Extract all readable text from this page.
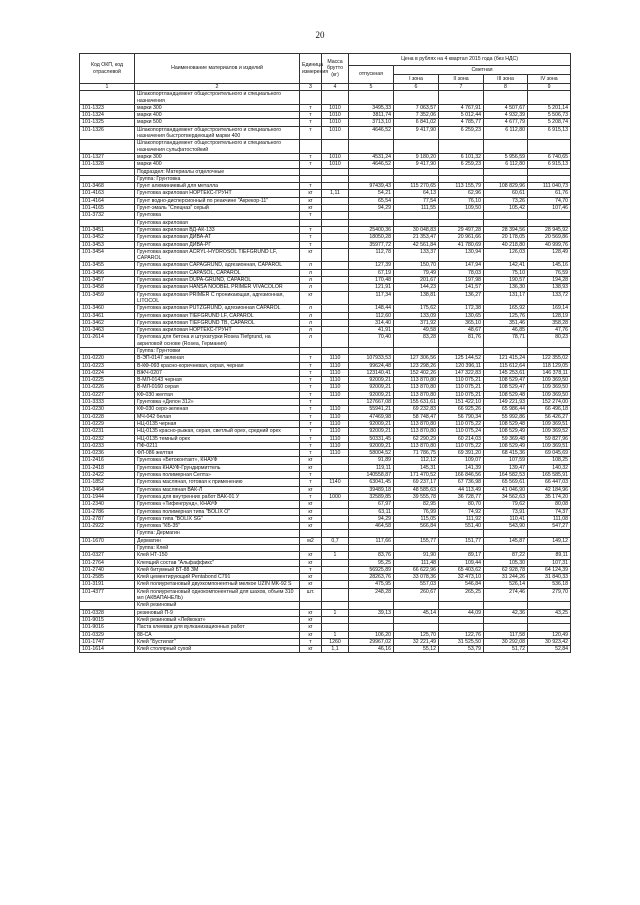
20
Код ОКП, код отраслевой	Наименование материалов и изделий	Единица измерения	Масса брутто (кг)	Цена в рублях на 4 квартал 2015 года (без НДС)				
				отпускная	Сметная			
					I зона	II зона	III зона	IV зона
1	2	3	4	5	6	7	8	9
	Шлакопортландцемент общестроительного и специального назначения							
101-1323	марки 300	т	1010	3495,33	7 063,57	4 767,91	4 507,67	5 201,14
101-1324	марки 400	т	1010	3811,74	7 352,06	5 012,44	4 932,39	5 506,73
101-1325	марки 500	т	1010	3713,10	6 841,02	4 785,77	4 677,79	5 208,74
101-1326	Шлакопортландцемент общестроительного и специального назначения быстротвердеющий марки 400	т	1010	4646,52	9 417,90	6 259,23	6 112,80	6 915,13
	Шлакопортландцемент общестроительного и специального назначения сульфатостойкий							
101-1327	марки 300	т	1010	4531,24	9 180,20	6 101,32	5 956,59	6 740,65
101-1328	марки 400	т	1010	4646,52	9 417,90	6 259,23	6 112,80	6 915,13
	Подраздел: Материалы отделочные							
	Группа: Грунтовка							
101-3468	Грунт алюминиевый для металла	т		97439,43	115 270,65	113 155,79	108 829,96	111 040,73
101-4163	Грунтовка акриловая НОРТЕКС-ГРУНТ	кг	1,11	54,21	64,13	62,96	60,61	61,76
101-4164	Грунт водно-дисперсионный по реакчине "Акрекор-11"	кг		65,54	77,54	76,10	73,26	74,70
101-4165	Грунт-эмаль "Спецназ" серый	кг		94,29	111,55	109,50	105,42	107,46
101-3732	Грунтовка	т						
	Грунтовка акриловая							
101-3451	Грунтовка акриловая ВД-АК-133	т		25400,36	30 048,83	29 497,28	28 394,56	28 945,92
101-3452	Грунтовка акриловая ДИВА-АТ	т		18050,28	21 353,47	20 961,66	20 178,05	20 569,86
101-3453	Грунтовка акриловая ДИВА-РГ	т		35977,72	42 561,84	41 780,69	40 218,80	40 999,76
101-3454	Грунтовка акриловая ACRYL-HYDROSOL TIEFGRUND LF, CAPAROL	кг		112,78	133,37	130,94	126,03	128,49
101-3455	Грунтовка акриловая CAPAGRUND, адгезионная, CAPAROL	л		127,39	150,70	147,94	142,41	145,16
101-3456	Грунтовка акриловая CAPASOL, CAPAROL	л		67,19	79,49	78,03	75,10	76,59
101-3457	Грунтовка акриловая DUPA-GRUND, CAPAROL	л		170,48	201,67	197,98	190,57	194,28
101-3458	Грунтовка акриловая HANSA NOOBEL PRIMER VIVACOLOR	л		121,91	144,23	141,57	136,30	138,93
101-3459	Грунтовка акриловая PRIMER С проникающая, адгезионная, LITOCOL	кг		117,34	138,81	136,27	131,17	133,72
101-3460	Грунтовка акриловая PUTZGRUND, адгезионная CAPAROL	л		148,44	175,62	172,38	165,92	169,14
101-3461	Грунтовка акриловая TIEFGRUND LF, CAPAROL	л		112,60	133,09	130,65	125,76	128,19
101-3462	Грунтовка акриловая TIEFGRUND TB, CAPAROL	л		314,40	371,92	365,10	351,46	358,28
101-3463	Грунтовка акриловая НОРТЕКС-ГРУНТ	л		41,91	49,58	48,67	46,85	47,76
101-2614	Грунтовка для бетона и штукатурки Rosea Tiefgrund, на акриловой основе (Rosea, Германия)	л		70,40	83,28	81,76	78,71	80,23
	Группа: Грунтовки							
101-0220	В-ЭП-0147 зеленая	т	1110	107933,53	127 306,56	125 144,52	121 415,24	122 355,02
101-0223	В-КФ-093 красно-коричневая, серая, черная	т	1110	99624,48	123 298,26	120 396,11	115 612,64	118 129,05
101-0224	ВЖЧ-0207	т	1110	123140,41	152 402,26	147 322,83	145 253,61	146 378,11
101-0225	В-МЛ-0143 черная	т	1110	92009,21	113 870,80	110 075,21	108 529,47	109 369,50
101-0226	В-МЛ-0160 серая	т	1110	92009,21	113 870,80	110 075,21	108 529,47	109 369,50
101-0227	КФ-030 желтая	т	1110	92009,21	113 870,80	110 075,21	108 529,48	109 369,50
101-3333	Грунтовка «Дилон 312»	т		127667,08	155 631,61	151 422,10	149 221,93	152 274,00
101-0230	КФ-030 серо-зеленая	т	1110	55941,21	69 232,83	66 925,26	65 986,44	66 496,18
101-0228	МЧ-042 белая	т	1110	47469,98	58 748,47	56 790,34	55 992,86	56 426,27
101-0229	НЦ-0135 черная	т	1110	92009,21	113 870,80	110 075,22	108 529,48	109 369,51
101-0231	НЦ-0135 красно-рыжая, серая, светлый орех, средний орех	т	1110	92009,21	113 870,80	110 075,24	108 529,49	109 369,52
101-0232	НЦ-0135 темный орех	т	1110	50331,45	62 290,29	60 214,03	59 369,48	59 827,96
101-0233	ПФ-0211	т	1110	92009,21	113 870,80	110 075,22	108 529,49	109 369,51
101-0236	ФЛ-086 желтая	т	1110	58004,52	71 786,75	69 391,20	68 415,36	69 045,69
101-2416	Грунтовка «Бетоконтакт», КНАУФ	кг		91,89	112,12	109,07	107,59	108,25
101-2418	Грунтовка КНАУФ-Грундирмиттель	кг		119,11	145,31	141,39	139,47	140,32
101-2422	Грунтовка полимерная Септа»	т		140558,87	171 470,52	166 846,56	164 582,53	165 585,91
101-1852	Грунтовка масляная, готовая к применению	т	1140	63041,45	69 237,17	67 736,98	65 569,61	66 447,03
101-3464	Грунтовка масляная ВАК-Л	кг		39489,18	48 585,63	44 113,49	41 046,90	42 184,96
101-1944	Грунтовка для внутренних работ ВАК-01 У	т	1000	32589,85	39 555,78	36 728,77	34 562,63	35 174,20
101-2340	Грунтовка «Тифенгрунд», КНАУФ	кг		67,97	82,95	80,70	79,62	80,08
101-2786	Грунтовка полимерная типа "BOLIX O"	кг		63,11	76,99	74,92	73,91	74,37
101-2787	Грунтовка типа "BOLIX SG"	кг		94,29	115,05	111,92	110,41	111,08
101-2922	Грунтовка "КБ-35"	кг		464,58	566,84	551,40	543,90	547,27
	Группа: Дермагин							
101-1670	Дерматин	м2	0,7	117,66	155,77	151,77	145,87	149,12
	Группа: Клей							
101-0327	Клей НТ-150	кг	1	83,76	91,90	89,17	87,22	89,11
101-2764	Клеящий состав "Альфаффикс"	кг		95,25	111,48	109,44	105,30	107,31
101-2740	Клей битумный БТ-88 ЗМ	т		56925,89	66 622,96	65 403,62	62 928,78	64 124,39
101-2585	Клей цементирующий Pentabond С791	кг		28263,76	33 078,36	32 473,10	31 244,26	31 840,33
101-3191	Клей полиуретановый двухкомпонентный мелкое UZIN MK-92 S	кг		475,95	557,03	546,84	526,14	536,18
101-4377	Клей полиуретановый однокомпонентный для шахов, объем 310 мл (АКВАПАНЕЛЬ)	шт.		248,28	260,67	265,25	274,46	279,70
	Клей резиновый							
101-0328	резиновый П-9	кг	1	39,13	45,14	44,09	42,36	43,25
101-9015	Клей резиновый «Лейкокат»	кг						
101-9016	Паста клеевая для вулканизационных работ	кг						
101-0329	88-СА	кг	1	106,20	125,70	122,76	117,58	120,49
101-1747	Клей "Бустилат"	т	1260	29967,02	32 221,49	31 525,50	30 292,08	30 923,42
101-1614	Клей столярный сухой	кг	1,1	46,16	55,12	53,79	51,72	52,84
